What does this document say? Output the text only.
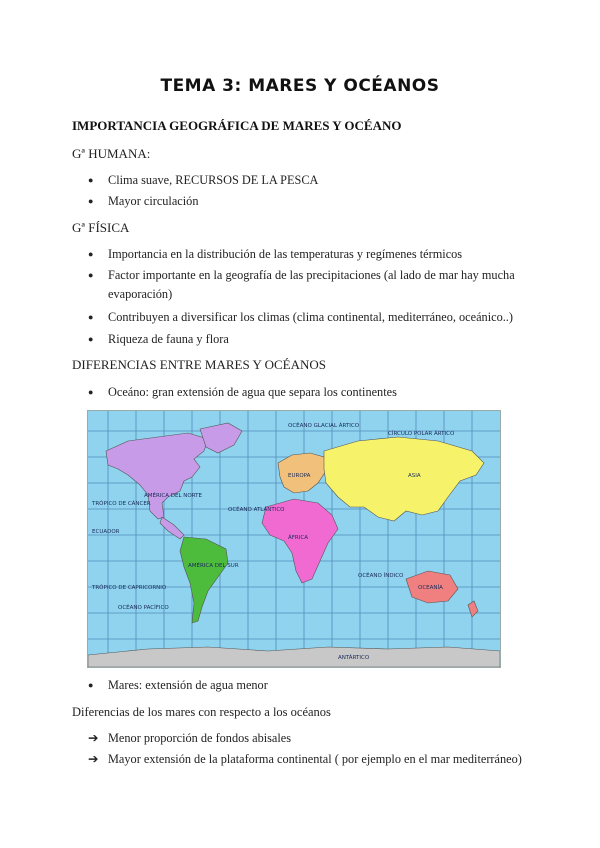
TEMA 3: MARES Y OCÉANOS
IMPORTANCIA GEOGRÁFICA DE MARES Y OCÉANO
Gª HUMANA:
● Clima suave, RECURSOS DE LA PESCA
● Mayor circulación
Gª FÍSICA
● Importancia en la distribución de las temperaturas y regímenes térmicos
● Factor importante en la geografía de las precipitaciones (al lado de mar hay mucha evaporación)
● Contribuyen a diversificar los climas (clima continental, mediterráneo, oceánico..)
● Riqueza de fauna y flora
DIFERENCIAS ENTRE MARES Y OCÉANOS
● Oceáno: gran extensión de agua que separa los continentes
AMÉRICA DEL NORTE
AMÉRICA DEL SUR
EUROPA	ASIA
ÁFRICA
OCEANÍA
OCÉANO GLACIAL ÁRTICO
CÍRCULO POLAR ÁRTICO
OCÉANO ATLÁNTICO
OCÉANO PACÍFICO
OCÉANO ÍNDICO
ECUADOR
TRÓPICO DE CAPRICORNIO
ANTÁRTICO
TRÓPICO DE CÁNCER
● Mares: extensión de agua menor
Diferencias de los mares con respecto a los océanos
➔ Menor proporción de fondos abisales
➔ Mayor extensión de la plataforma continental ( por ejemplo en el mar mediterráneo)
